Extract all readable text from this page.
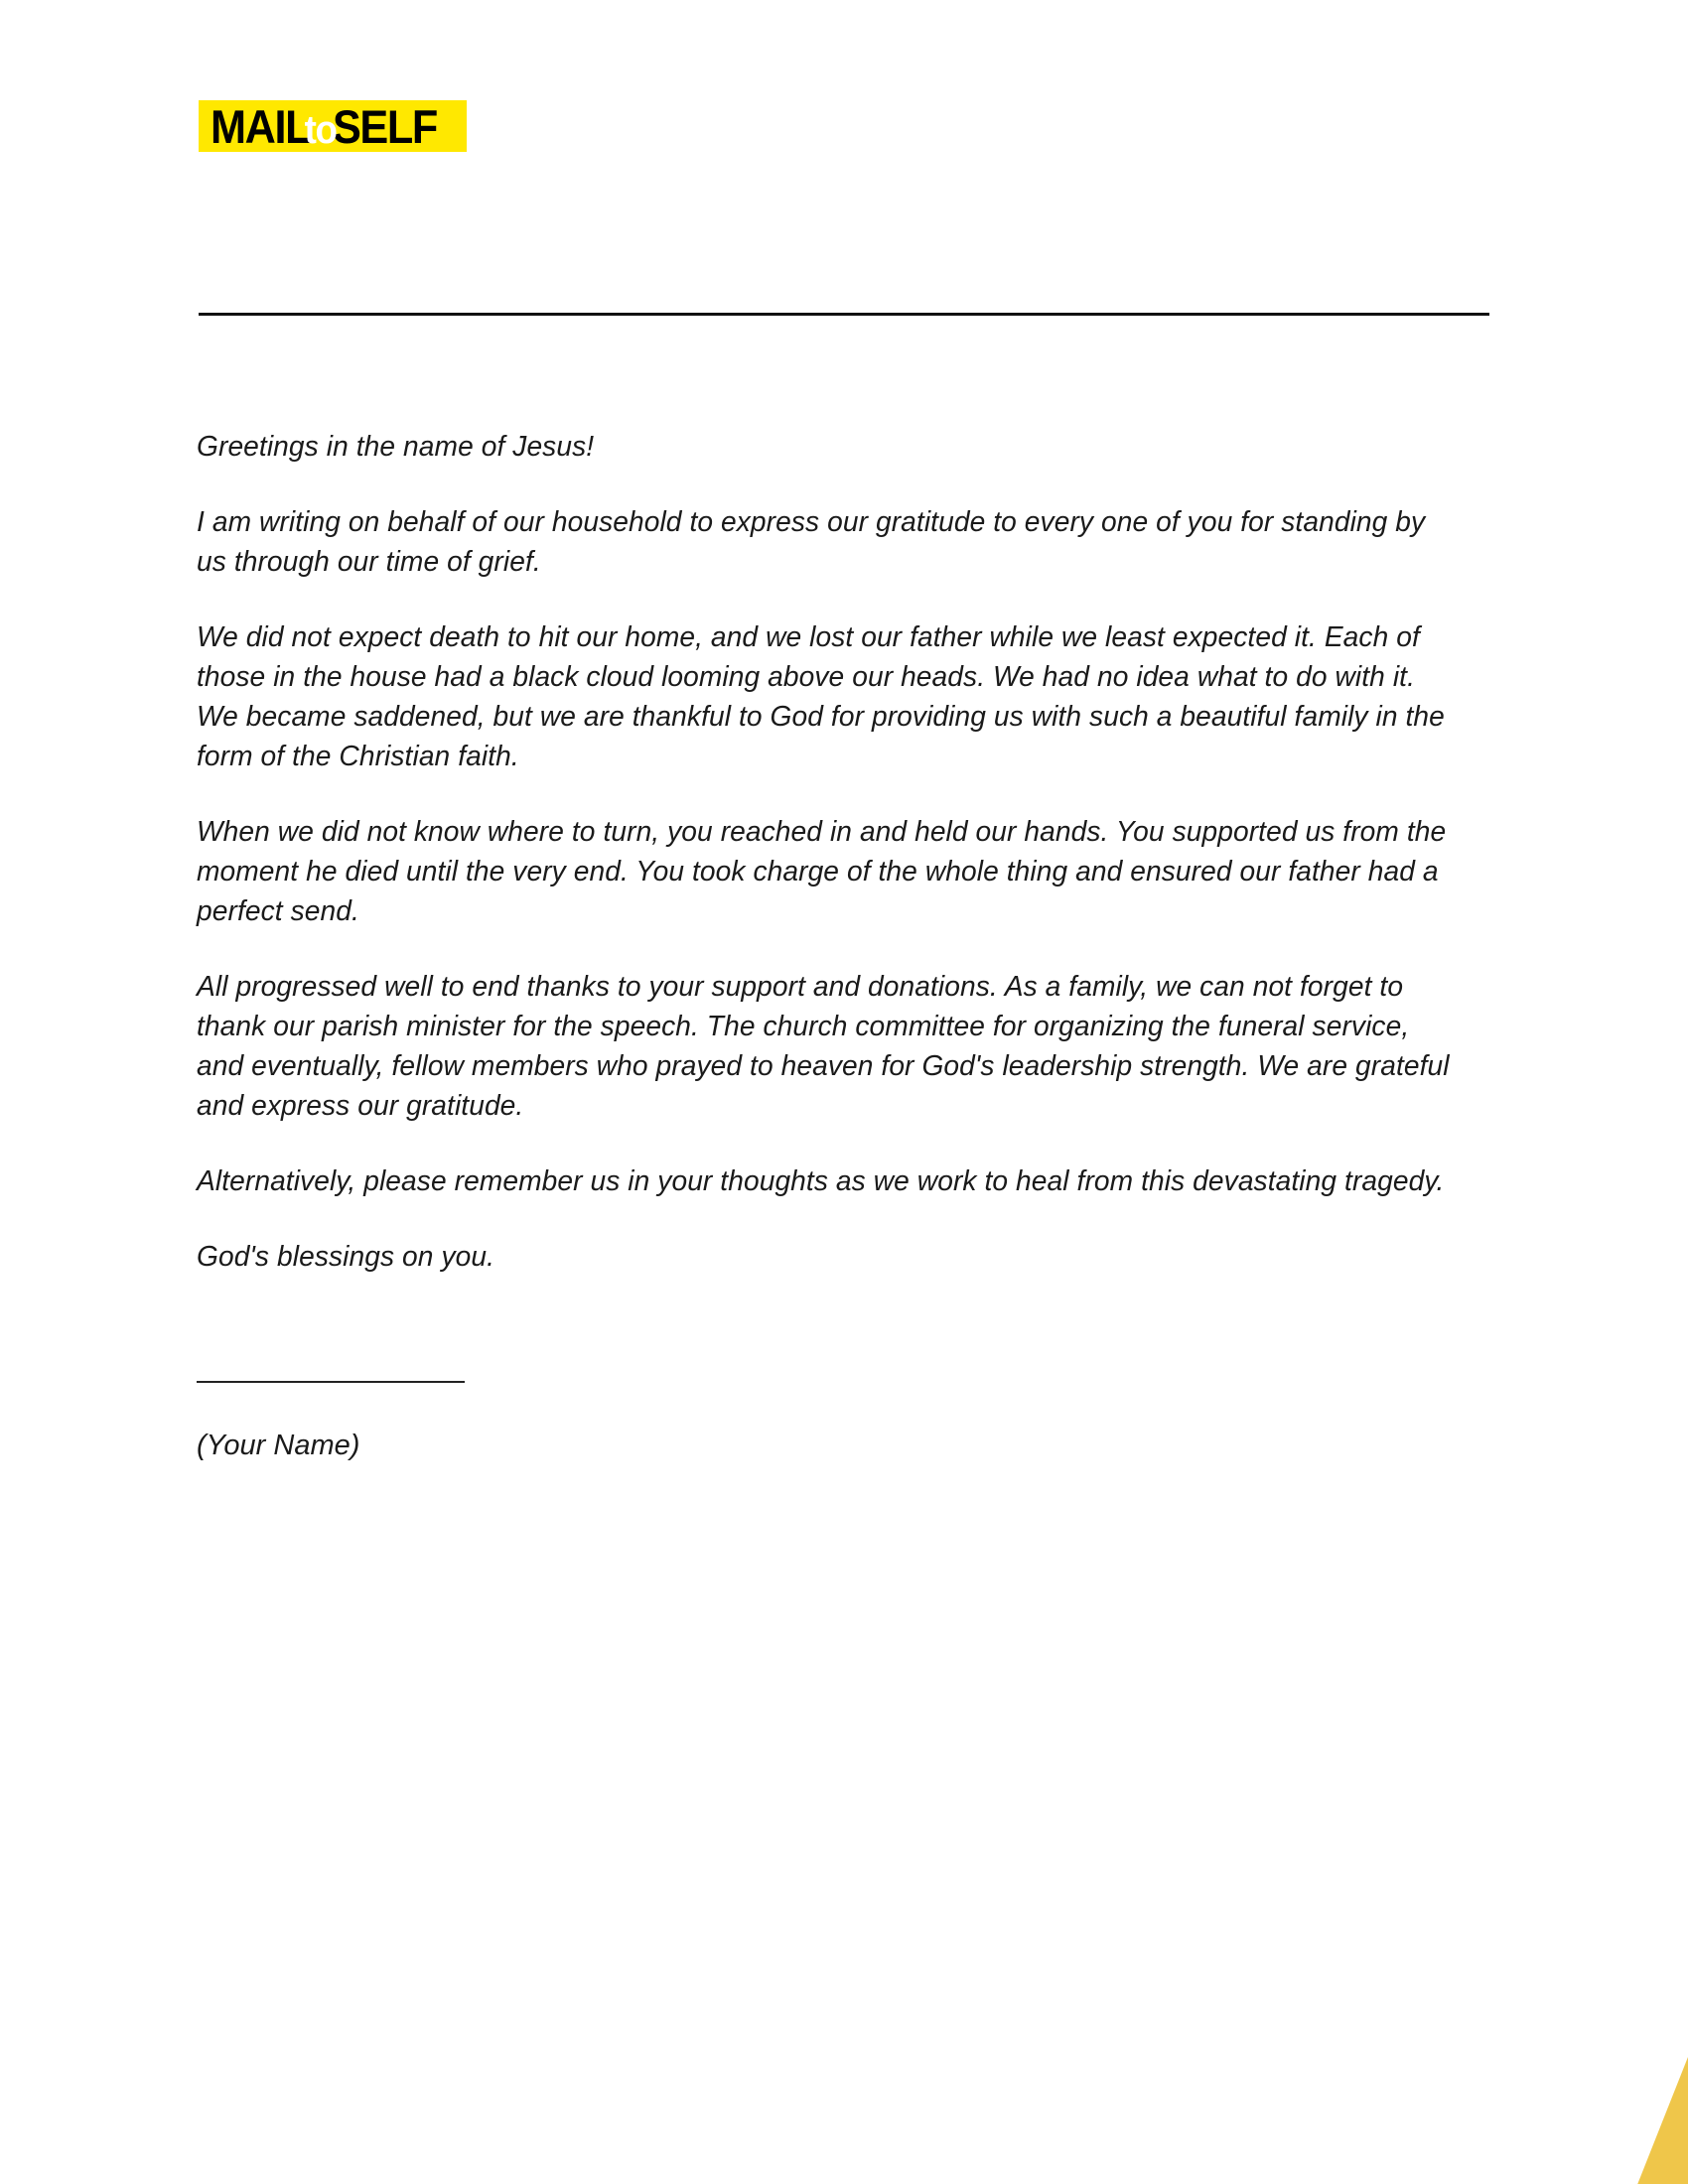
MAIL
to
SELF

Greetings in the name of Jesus!

I am writing on behalf of our household to express our gratitude to every one of you for standing by us through our time of grief.

We did not expect death to hit our home, and we lost our father while we least expected it. Each of those in the house had a black cloud looming above our heads. We had no idea what to do with it. We became saddened, but we are thankful to God for providing us with such a beautiful family in the form of the Christian faith.

When we did not know where to turn, you reached in and held our hands. You supported us from the moment he died until the very end. You took charge of the whole thing and ensured our father had a perfect send.

All progressed well to end thanks to your support and donations. As a family, we can not forget to thank our parish minister for the speech. The church committee for organizing the funeral service, and eventually, fellow members who prayed to heaven for God's leadership strength. We are grateful and express our gratitude.

Alternatively, please remember us in your thoughts as we work to heal from this devastating tragedy.

God's blessings on you.

(Your Name)
